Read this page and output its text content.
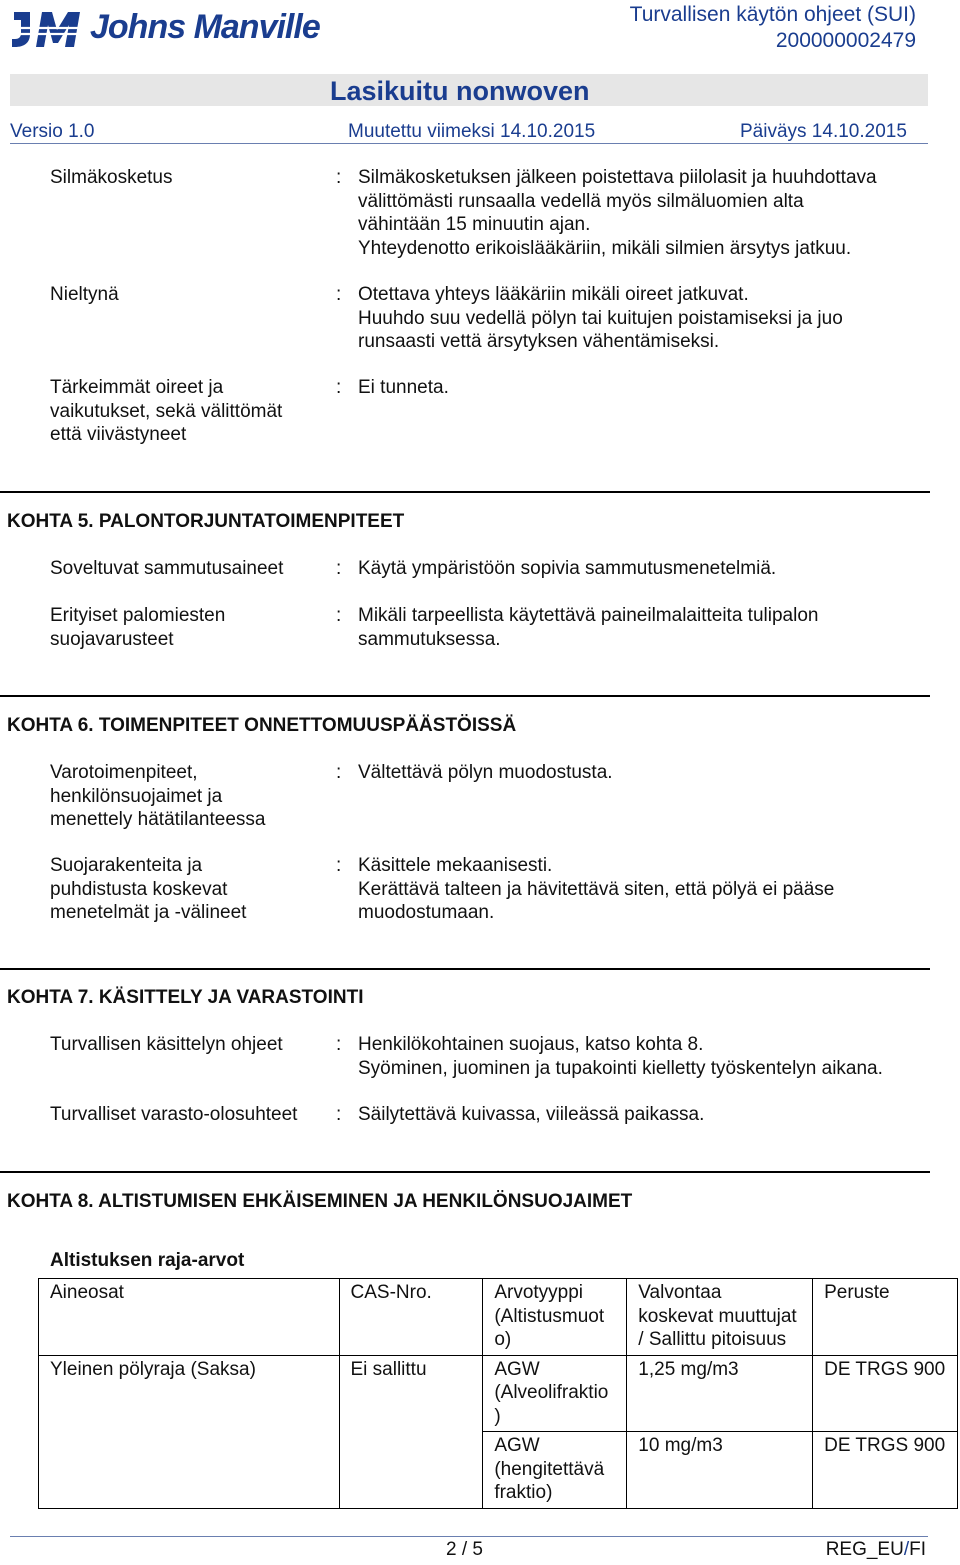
Johns Manville	Turvallisen käytön ohjeet (SUI)
200000002479
Lasikuitu nonwoven
Versio 1.0	Muutettu viimeksi 14.10.2015	Päiväys 14.10.2015
Silmäkosketus	: Silmäkosketuksen jälkeen poistettava piilolasit ja huuhdottava
välittömästi runsaalla vedellä myös silmäluomien alta
vähintään 15 minuutin ajan.
Yhteydenotto erikoislääkäriin, mikäli silmien ärsytys jatkuu.
Nieltynä	: Otettava yhteys lääkäriin mikäli oireet jatkuvat.
Huuhdo suu vedellä pölyn tai kuitujen poistamiseksi ja juo
runsaasti vettä ärsytyksen vähentämiseksi.
Tärkeimmät oireet ja
vaikutukset, sekä välittömät
että viivästyneet
: Ei tunneta.
KOHTA 5. PALONTORJUNTATOIMENPITEET
Soveltuvat sammutusaineet	: Käytä ympäristöön sopivia sammutusmenetelmiä.
Erityiset palomiesten
suojavarusteet
: Mikäli tarpeellista käytettävä paineilmalaitteita tulipalon
sammutuksessa.
KOHTA 6. TOIMENPITEET ONNETTOMUUSPÄÄSTÖISSÄ
Varotoimenpiteet,
henkilönsuojaimet ja
menettely hätätilanteessa
: Vältettävä pölyn muodostusta.
Suojarakenteita ja
puhdistusta koskevat
menetelmät ja -välineet
: Käsittele mekaanisesti.
Kerättävä talteen ja hävitettävä siten, että pölyä ei pääse
muodostumaan.
KOHTA 7. KÄSITTELY JA VARASTOINTI
Turvallisen käsittelyn ohjeet	: Henkilökohtainen suojaus, katso kohta 8.
Syöminen, juominen ja tupakointi kielletty työskentelyn aikana.
Turvalliset varasto-olosuhteet	: Säilytettävä kuivassa, viileässä paikassa.
KOHTA 8. ALTISTUMISEN EHKÄISEMINEN JA HENKILÖNSUOJAIMET
Altistuksen raja-arvot
Aineosat	CAS-Nro.	Arvotyyppi (Altistusmuot o)	Valvontaa koskevat muuttujat / Sallittu pitoisuus	Peruste
Yleinen pölyraja (Saksa)	Ei sallittu	AGW (Alveolifraktio )	1,25 mg/m3	DE TRGS 900
		AGW (hengitettävä fraktio)	10 mg/m3	DE TRGS 900
2 / 5	REG_EU/FI
